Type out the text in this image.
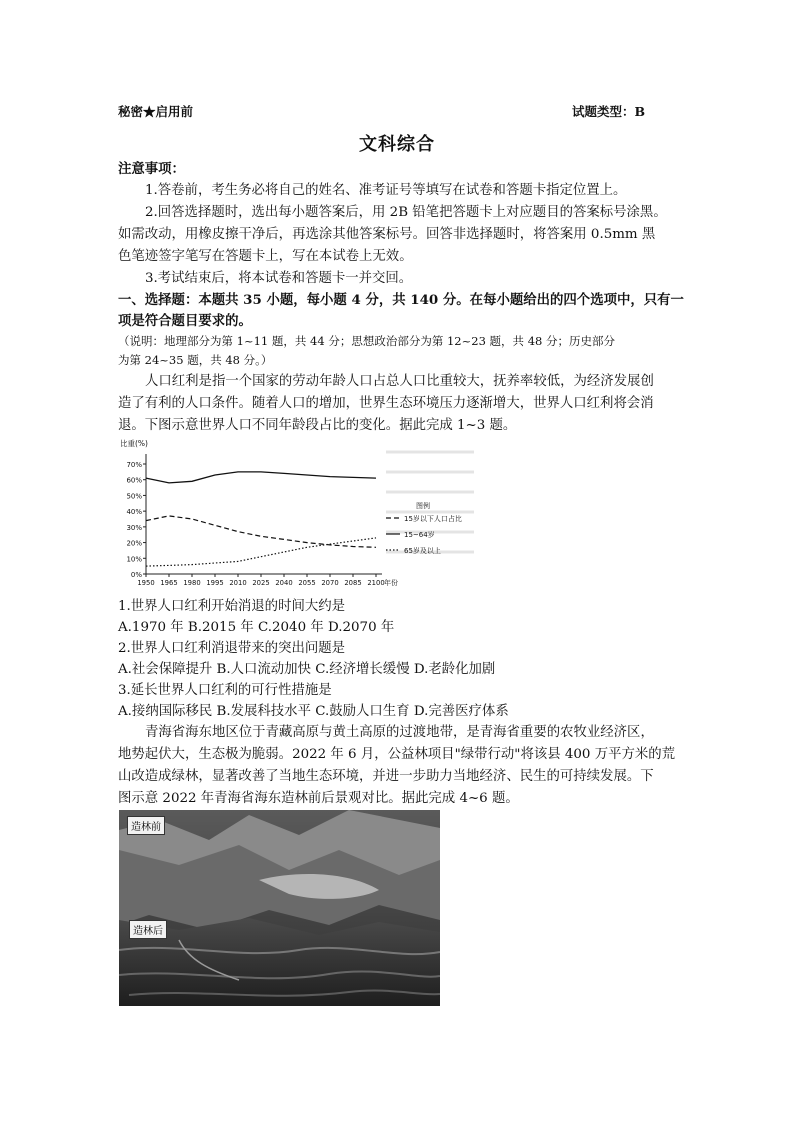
秘密★启用前	试题类型：B
文科综合
注意事项：
1.答卷前，考生务必将自己的姓名、准考证号等填写在试卷和答题卡指定位置上。
2.回答选择题时，选出每小题答案后，用 2B 铅笔把答题卡上对应题目的答案标号涂黑。
如需改动，用橡皮擦干净后，再选涂其他答案标号。回答非选择题时，将答案用 0.5mm 黑
色笔迹签字笔写在答题卡上，写在本试卷上无效。
3.考试结束后，将本试卷和答题卡一并交回。
一、选择题：本题共 35 小题，每小题 4 分，共 140 分。在每小题给出的四个选项中，只有一
项是符合题目要求的。
（说明：地理部分为第 1~11 题，共 44 分；思想政治部分为第 12~23 题，共 48 分；历史部分
为第 24~35 题，共 48 分。）
人口红利是指一个国家的劳动年龄人口占总人口比重较大，抚养率较低，为经济发展创
造了有利的人口条件。随着人口的增加，世界生态环境压力逐渐增大，世界人口红利将会消
退。下图示意世界人口不同年龄段占比的变化。据此完成 1~3 题。
0%
10%
20%
30%
40%
50%
60%
70%
比重(%)
1950 1965 1980 1995 2010 2025 2040 2055 2070 2085 2100 年份
图例
15岁以下人口占比
15~64岁
65岁及以上
1.世界人口红利开始消退的时间大约是
A.1970 年 B.2015 年 C.2040 年 D.2070 年
2.世界人口红利消退带来的突出问题是
A.社会保障提升 B.人口流动加快 C.经济增长缓慢 D.老龄化加剧
3.延长世界人口红利的可行性措施是
A.接纳国际移民 B.发展科技水平 C.鼓励人口生育 D.完善医疗体系
青海省海东地区位于青藏高原与黄土高原的过渡地带，是青海省重要的农牧业经济区，
地势起伏大，生态极为脆弱。2022 年 6 月，公益林项目"绿带行动"将该县 400 万平方米的荒
山改造成绿林，显著改善了当地生态环境，并进一步助力当地经济、民生的可持续发展。下
图示意 2022 年青海省海东造林前后景观对比。据此完成 4~6 题。
造林前
造林后
